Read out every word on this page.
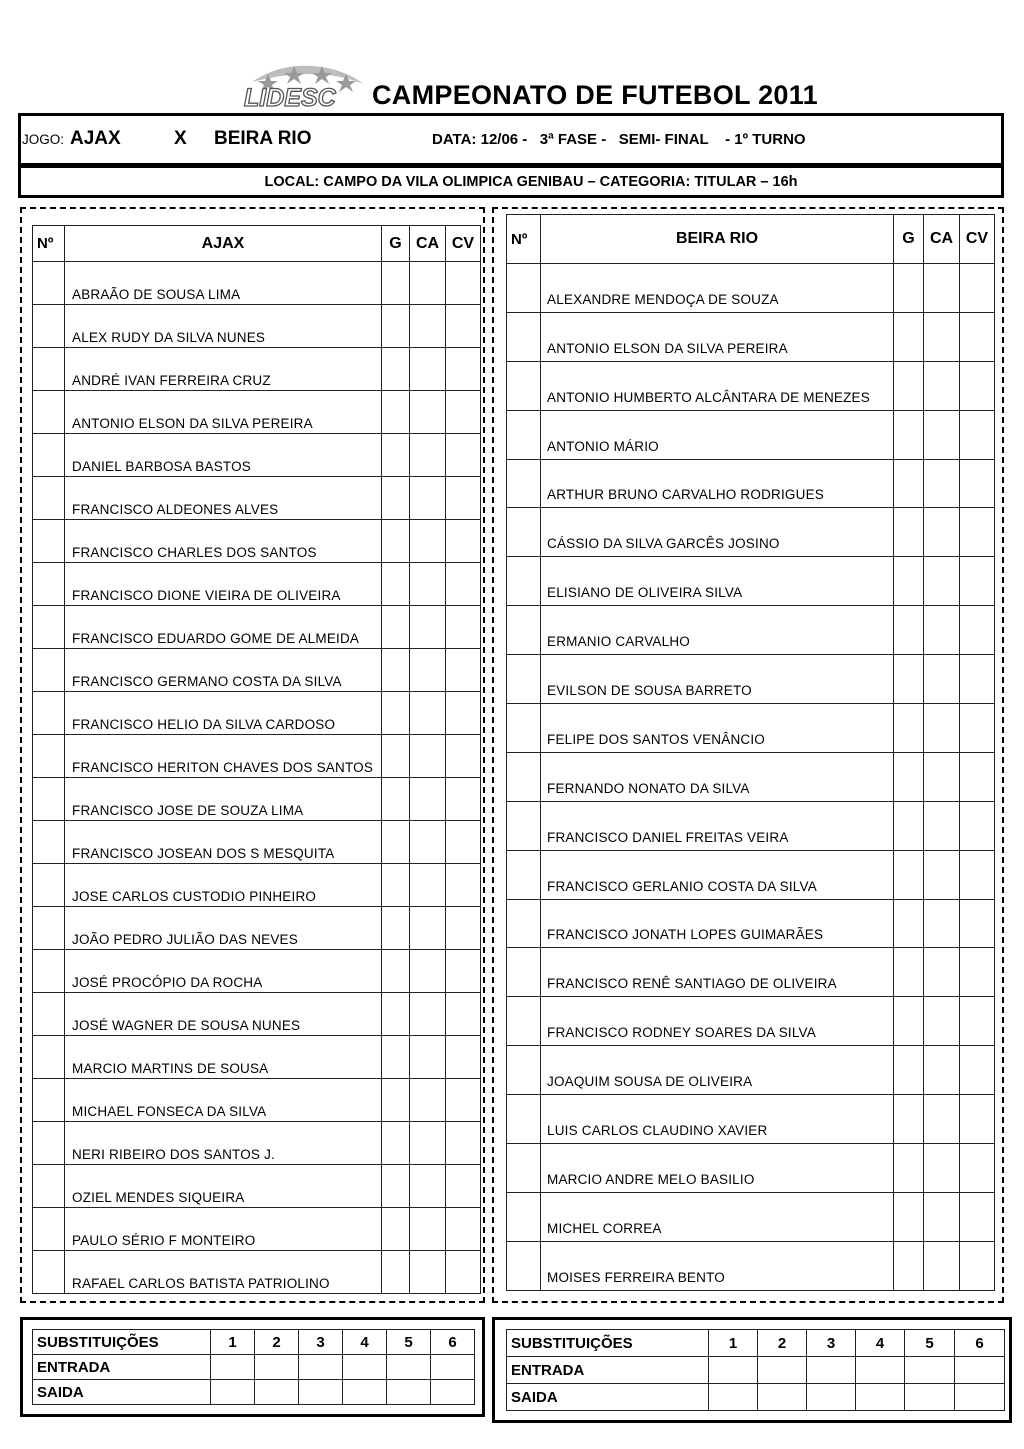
LIDESC CAMPEONATO DE FUTEBOL 2011
JOGO: AJAX	X BEIRA RIO	DATA: 12/06 -   3ª FASE -   SEMI- FINAL    - 1º TURNO
LOCAL: CAMPO DA VILA OLIMPICA GENIBAU – CATEGORIA: TITULAR – 16h
Nº	AJAX	G	CA	CV
	ABRAÃO DE SOUSA LIMA			
	ALEX RUDY DA SILVA NUNES			
	ANDRÉ IVAN FERREIRA CRUZ			
	ANTONIO ELSON DA SILVA PEREIRA			
	DANIEL BARBOSA BASTOS			
	FRANCISCO ALDEONES ALVES			
	FRANCISCO CHARLES DOS SANTOS			
	FRANCISCO DIONE VIEIRA DE OLIVEIRA			
	FRANCISCO EDUARDO GOME DE ALMEIDA			
	FRANCISCO GERMANO COSTA DA SILVA			
	FRANCISCO HELIO DA SILVA CARDOSO			
	FRANCISCO HERITON CHAVES DOS SANTOS			
	FRANCISCO JOSE DE SOUZA LIMA			
	FRANCISCO JOSEAN DOS S MESQUITA			
	JOSE CARLOS CUSTODIO PINHEIRO			
	JOÃO PEDRO JULIÃO DAS NEVES			
	JOSÉ PROCÓPIO DA ROCHA			
	JOSÉ WAGNER DE SOUSA NUNES			
	MARCIO MARTINS DE SOUSA			
	MICHAEL FONSECA DA SILVA			
	NERI RIBEIRO DOS SANTOS J.			
	OZIEL MENDES SIQUEIRA			
	PAULO SÉRIO F MONTEIRO			
	RAFAEL CARLOS BATISTA PATRIOLINO			
Nº	BEIRA RIO	G	CA	CV
	ALEXANDRE MENDOÇA DE SOUZA			
	ANTONIO ELSON DA SILVA PEREIRA			
	ANTONIO HUMBERTO ALCÂNTARA DE MENEZES			
	ANTONIO MÁRIO			
	ARTHUR BRUNO CARVALHO RODRIGUES			
	CÁSSIO DA SILVA GARCÊS JOSINO			
	ELISIANO DE OLIVEIRA SILVA			
	ERMANIO CARVALHO			
	EVILSON DE SOUSA BARRETO			
	FELIPE DOS SANTOS VENÂNCIO			
	FERNANDO NONATO DA SILVA			
	FRANCISCO DANIEL FREITAS VEIRA			
	FRANCISCO GERLANIO COSTA DA SILVA			
	FRANCISCO JONATH LOPES GUIMARÃES			
	FRANCISCO RENÊ SANTIAGO DE OLIVEIRA			
	FRANCISCO RODNEY SOARES DA SILVA			
	JOAQUIM SOUSA DE OLIVEIRA			
	LUIS CARLOS CLAUDINO XAVIER			
	MARCIO ANDRE MELO BASILIO			
	MICHEL CORREA			
	MOISES FERREIRA BENTO			
SUBSTITUIÇÕES	1	2	3	4	5	6
ENTRADA						
SAIDA						
SUBSTITUIÇÕES	1	2	3	4	5	6
ENTRADA						
SAIDA						
